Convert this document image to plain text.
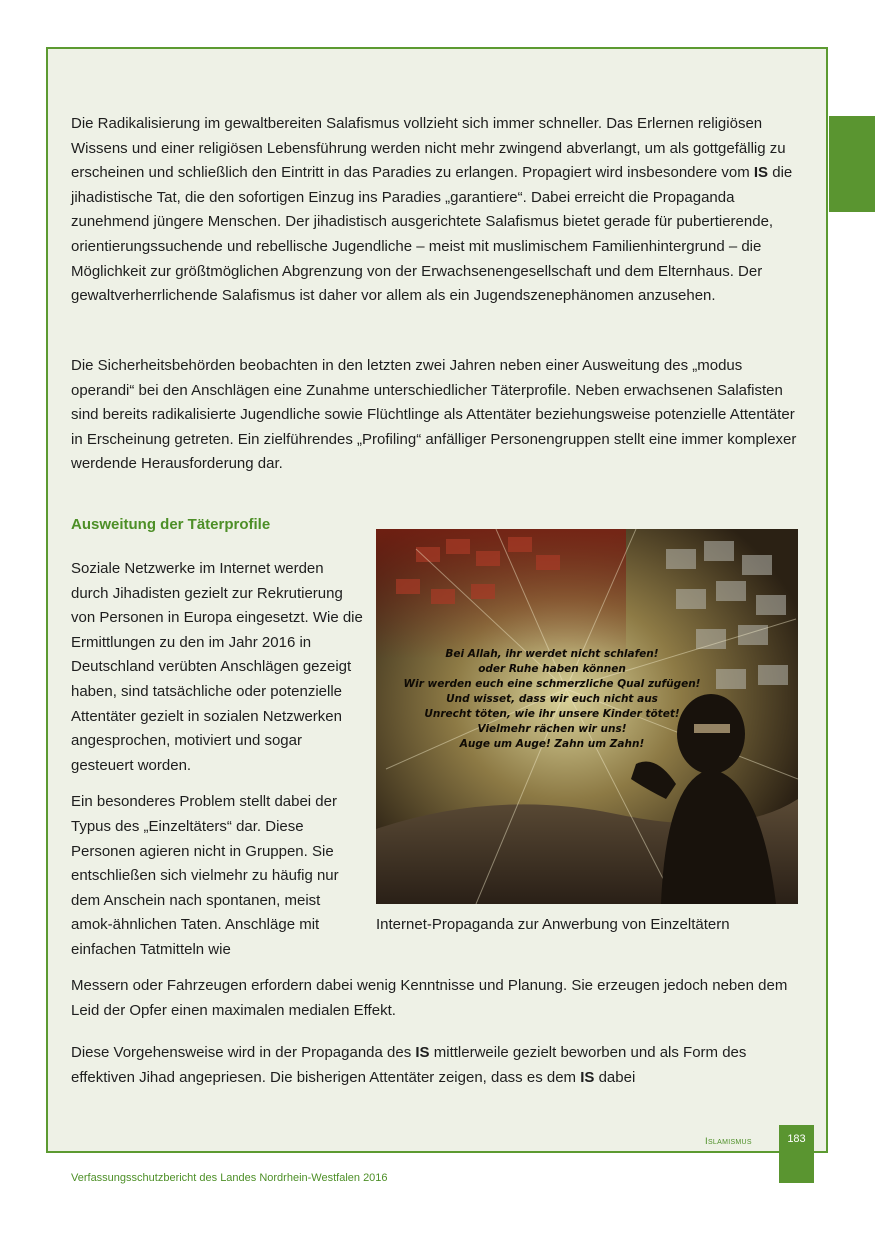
Die Radikalisierung im gewaltbereiten Salafismus vollzieht sich immer schneller. Das Erlernen religiösen Wissens und einer religiösen Lebensführung werden nicht mehr zwingend abverlangt, um als gottgefällig zu erscheinen und schließlich den Eintritt in das Paradies zu erlangen. Propagiert wird insbesondere vom IS die jihadistische Tat, die den sofortigen Einzug ins Paradies „garantiere“. Dabei erreicht die Propaganda zunehmend jüngere Menschen. Der jihadistisch ausgerichtete Salafismus bietet gerade für pubertierende, orientierungssuchende und rebellische Jugendliche – meist mit muslimischem Familienhintergrund – die Möglichkeit zur größtmöglichen Abgrenzung von der Erwachsenengesellschaft und dem Elternhaus. Der gewaltverherrlichende Salafismus ist daher vor allem als ein Jugendszenephänomen anzusehen.

Die Sicherheitsbehörden beobachten in den letzten zwei Jahren neben einer Ausweitung des „modus operandi“ bei den Anschlägen eine Zunahme unterschiedlicher Täterprofile. Neben erwachsenen Salafisten sind bereits radikalisierte Jugendliche sowie Flüchtlinge als Attentäter beziehungsweise potenzielle Attentäter in Erscheinung getreten. Ein zielführendes „Profiling“ anfälliger Personengruppen stellt eine immer komplexer werdende Herausforderung dar.

Ausweitung der Täterprofile

Soziale Netzwerke im Internet werden durch Jihadisten gezielt zur Rekrutierung von Personen in Europa eingesetzt. Wie die Ermittlungen zu den im Jahr 2016 in Deutschland verübten Anschlägen gezeigt haben, sind tatsächliche oder potenzielle Attentäter gezielt in sozialen Netzwerken angesprochen, motiviert und sogar gesteuert worden.

Ein besonderes Problem stellt dabei der Typus des „Einzeltäters“ dar. Diese Personen agieren nicht in Gruppen. Sie entschließen sich vielmehr zu häufig nur dem Anschein nach spontanen, meist amok-ähnlichen Taten. Anschläge mit einfachen Tatmitteln wie

Bei Allah, ihr werdet nicht schlafen!
oder Ruhe haben können
Wir werden euch eine schmerzliche Qual zufügen!
Und wisset, dass wir euch nicht aus
Unrecht töten, wie ihr unsere Kinder tötet!
Vielmehr rächen wir uns!
Auge um Auge! Zahn um Zahn!

Internet-Propaganda zur Anwerbung von Einzeltätern

Messern oder Fahrzeugen erfordern dabei wenig Kenntnisse und Planung. Sie erzeugen jedoch neben dem Leid der Opfer einen maximalen medialen Effekt.

Diese Vorgehensweise wird in der Propaganda des IS mittlerweile gezielt beworben und als Form des effektiven Jihad angepriesen. Die bisherigen Attentäter zeigen, dass es dem IS dabei

Islamismus	183
Verfassungsschutzbericht des Landes Nordrhein-Westfalen 2016
